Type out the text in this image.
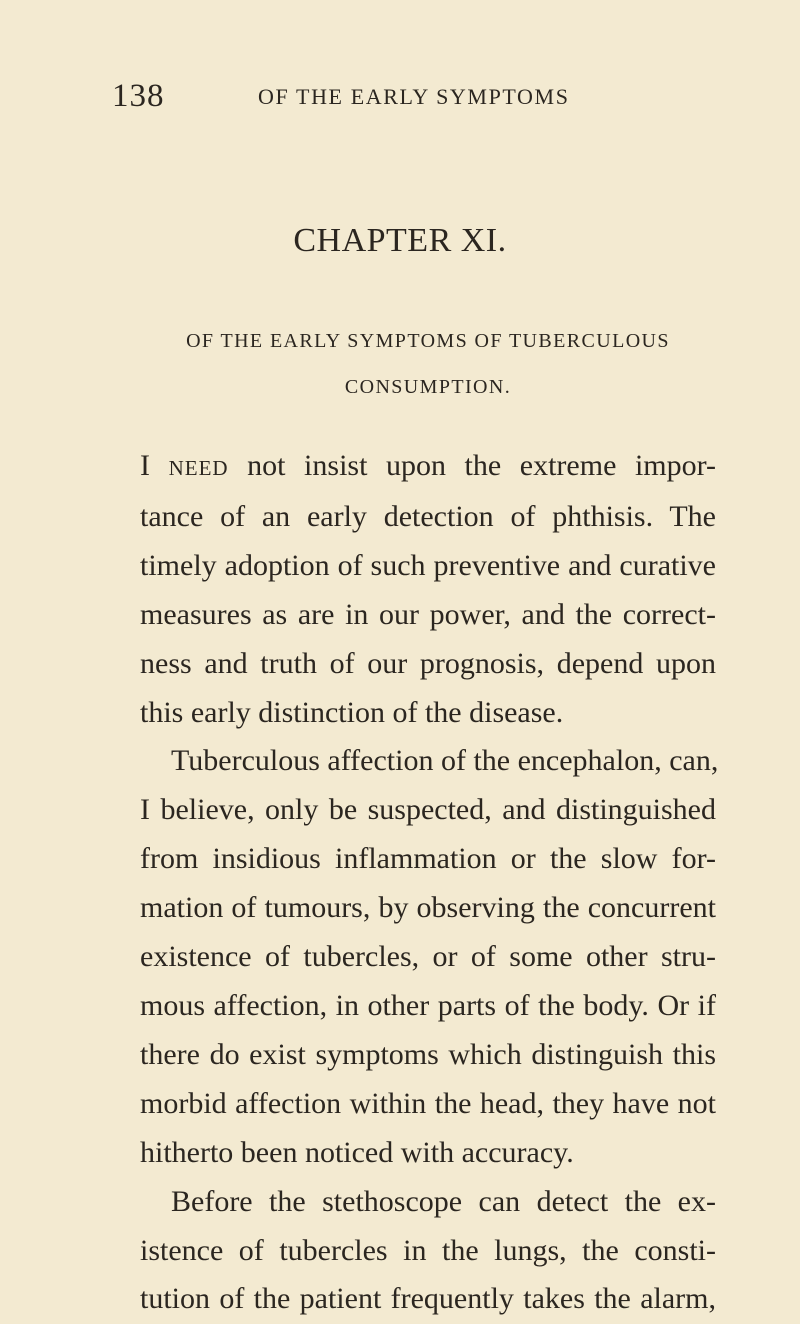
138	OF THE EARLY SYMPTOMS
CHAPTER XI.
OF THE EARLY SYMPTOMS OF TUBERCULOUS
CONSUMPTION.
I NEED not insist upon the extreme impor-
tance of an early detection of phthisis. The
timely adoption of such preventive and curative
measures as are in our power, and the correct-
ness and truth of our prognosis, depend upon
this early distinction of the disease.
Tuberculous affection of the encephalon, can,
I believe, only be suspected, and distinguished
from insidious inflammation or the slow for-
mation of tumours, by observing the concurrent
existence of tubercles, or of some other stru-
mous affection, in other parts of the body. Or if
there do exist symptoms which distinguish this
morbid affection within the head, they have not
hitherto been noticed with accuracy.
Before the stethoscope can detect the ex-
istence of tubercles in the lungs, the consti-
tution of the patient frequently takes the alarm,
